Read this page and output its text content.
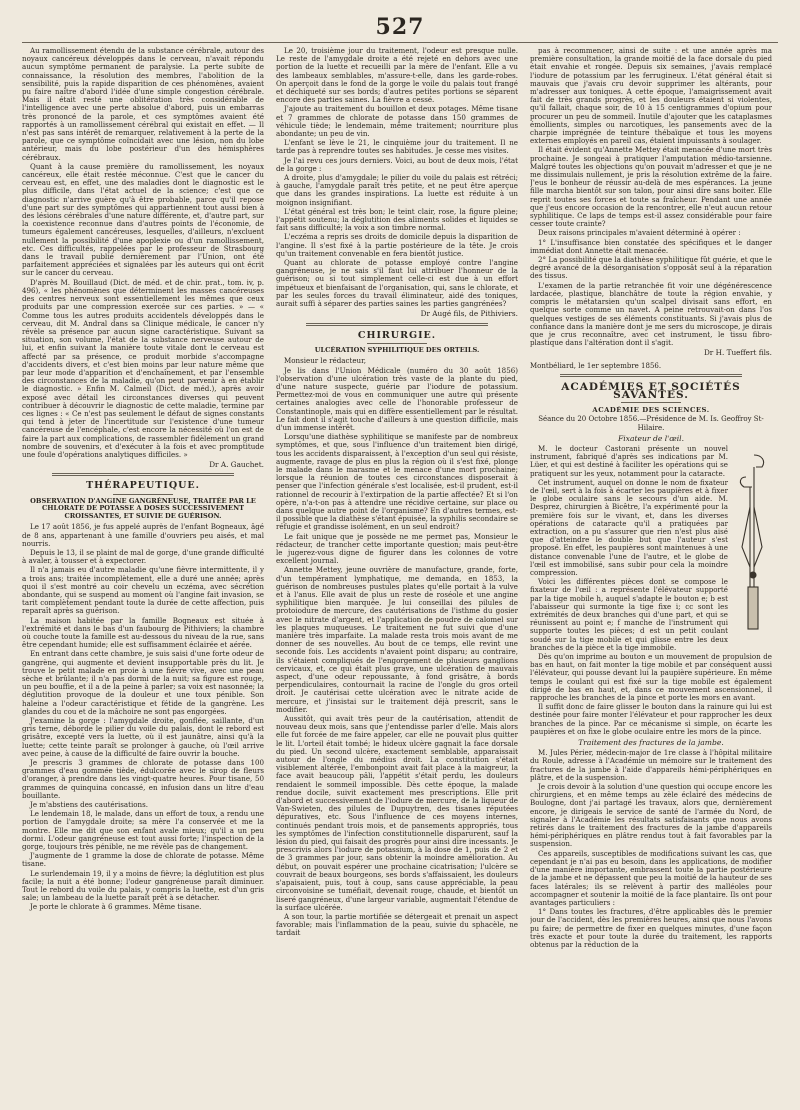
527

Au ramollissement étendu de la substance cérébrale, autour des noyaux cancéreux développés dans le cerveau, n'avait répondu aucun symptôme permanent de paralysie. La perte subite de connaissance, la résolution des membres, l'abolition de la sensibilité, puis la rapide disparition de ces phénomènes, avaient pu faire naître d'abord l'idée d'une simple congestion cérébrale. Mais il était resté une oblitération très considérable de l'intelligence avec une perte absolue d'abord, puis un embarras très prononcé de la parole, et ces symptômes avaient été rapportés à un ramollissement cérébral qui existait en effet. — Il n'est pas sans intérêt de remarquer, relativement à la perte de la parole, que ce symptôme coïncidait avec une lésion, non du lobe antérieur, mais du lobe postérieur d'un des hémisphères cérébraux.

Quant à la cause première du ramollissement, les noyaux cancéreux, elle était restée méconnue. C'est que le cancer du cerveau est, en effet, une des maladies dont le diagnostic est le plus difficile, dans l'état actuel de la science; c'est que ce diagnostic n'arrive guère qu'à être probable, parce qu'il repose d'une part sur des symptômes qui appartiennent tout aussi bien à des lésions cérébrales d'une nature différente, et, d'autre part, sur la coexistence reconnue dans d'autres points de l'économie, de tumeurs également cancéreuses, lesquelles, d'ailleurs, n'excluent nullement la possibilité d'une apoplexie ou d'un ramollissement, etc. Ces difficultés, rappelées par le professeur de Strasbourg dans le travail publié dernièrement par l'Union, ont été parfaitement appréciées et signalées par les auteurs qui ont écrit sur le cancer du cerveau.

D'après M. Bouillaud (Dict. de méd. et de chir. prat., tom. iv, p. 496), « les phénomènes que déterminent les masses cancéreuses des centres nerveux sont essentiellement les mêmes que ceux produits par une compression exercée sur ces parties. » — « Comme tous les autres produits accidentels développés dans le cerveau, dit M. Andral dans sa Clinique médicale, le cancer n'y révèle sa présence par aucun signe caractéristique. Suivant sa situation, son volume, l'état de la substance nerveuse autour de lui, et enfin suivant la manière toute vitale dont le cerveau est affecté par sa présence, ce produit morbide s'accompagne d'accidents divers, et c'est bien moins par leur nature même que par leur mode d'apparition et d'enchaînement, et par l'ensemble des circonstances de la maladie, qu'on peut parvenir à en établir le diagnostic. » Enfin M. Calmeil (Dict. de méd.), après avoir exposé avec détail les circonstances diverses qui peuvent contribuer à découvrir le diagnostic de cette maladie, termine par ces lignes : « Ce n'est pas seulement le défaut de signes constants qui tend à jeter de l'incertitude sur l'existence d'une tumeur cancéreuse de l'encéphale, c'est encore la nécessité où l'on est de faire la part aux complications, de rassembler fidèlement un grand nombre de souvenirs, et d'exécuter à la fois et avec promptitude une foule d'opérations analytiques difficiles. »

Dr A. Gauchet.
THÉRAPEUTIQUE.
OBSERVATION D'ANGINE GANGRÉNEUSE, TRAITÉE PAR LE CHLORATE DE POTASSE A DOSES SUCCESSIVEMENT CROISSANTES, ET SUIVIE DE GUÉRISON.

Le 17 août 1856, je fus appelé auprès de l'enfant Bogneaux, âgé de 8 ans, appartenant à une famille d'ouvriers peu aisés, et mal nourris.

Depuis le 13, il se plaint de mal de gorge, d'une grande difficulté à avaler, à tousser et à expectorer.

Il n'a jamais eu d'autre maladie qu'une fièvre intermittente, il y a trois ans; traitée incomplètement, elle a duré une année; après quoi il s'est montré au coir chevelu un eczéma, avec sécrétion abondante, qui se suspend au moment où l'angine fait invasion, se tarit complètement pendant toute la durée de cette affection, puis reparaît après sa guérison.

La maison habitée par la famille Bogneaux est située à l'extrémité et dans le bas d'un faubourg de Pithiviers; la chambre où couche toute la famille est au-dessous du niveau de la rue, sans être cependant humide; elle est suffisamment éclairée et aérée.

En entrant dans cette chambre, je suis saisi d'une forte odeur de gangrène, qui augmente et devient insupportable près du lit. Je trouve le petit malade en proie à une fièvre vive, avec une peau sèche et brûlante; il n'a pas dormi de la nuit; sa figure est rouge, un peu bouffie, et il a de la peine à parler; sa voix est nasonnée; la déglutition provoque de la douleur et une toux pénible. Son haleine a l'odeur caractéristique et fétide de la gangrène. Les glandes du cou et de la mâchoire ne sont pas engorgées.

J'examine la gorge : l'amygdale droite, gonflée, saillante, d'un gris terne, déborde le pilier du voile du palais, dont le rebord est grisâtre, excepté vers la luette, où il est jaunâtre, ainsi qu'à la luette; cette teinte paraît se prolonger à gauche, où l'œil arrive avec peine, à cause de la difficulté de faire ouvrir la bouche.

Je prescris 3 grammes de chlorate de potasse dans 100 grammes d'eau gommée tiède, édulcorée avec le sirop de fleurs d'oranger, à prendre dans les vingt-quatre heures. Pour tisane, 50 grammes de quinquina concassé, en infusion dans un litre d'eau bouillante.

Je m'abstiens des cautérisations.

Le lendemain 18, le malade, dans un effort de toux, a rendu une portion de l'amygdale droite; sa mère l'a conservée et me la montre. Elle me dit que son enfant avale mieux; qu'il a un peu dormi. L'odeur gangréneuse est tout aussi forte; l'inspection de la gorge, toujours très pénible, ne me révèle pas de changement.

J'augmente de 1 gramme la dose de chlorate de potasse. Même tisane.

Le surlendemain 19, il y a moins de fièvre; la déglutition est plus facile; la nuit a été bonne; l'odeur gangréneuse paraît diminuer. Tout le rebord du voile du palais, y compris la luette, est d'un gris sale; un lambeau de la luette paraît prêt à se détacher.

Je porte le chlorate à 6 grammes. Même tisane.

Le 20, troisième jour du traitement, l'odeur est presque nulle. Le reste de l'amygdale droite a été rejeté en dehors avec une portion de la luette et recueilli par la mère de l'enfant. Elle a vu des lambeaux semblables, m'assure-t-elle, dans les garde-robes. On aperçoit dans le fond de la gorge le voile du palais tout frangé et déchiqueté sur ses bords; d'autres petites portions se séparent encore des parties saines. La fièvre a cessé.

J'ajoute au traitement du bouillon et deux potages. Même tisane et 7 grammes de chlorate de potasse dans 150 grammes de véhicule tiède; le lendemain, même traitement; nourriture plus abondante; un peu de vin.

L'enfant se lève le 21, le cinquième jour du traitement. Il ne tarde pas à reprendre toutes ses habitudes. Je cesse mes visites.

Je l'ai revu ces jours derniers. Voici, au bout de deux mois, l'état de la gorge :

A droite, plus d'amygdale; le pilier du voile du palais est rétréci; à gauche, l'amygdale paraît très petite, et ne peut être aperçue que dans les grandes inspirations. La luette est réduite à un moignon insignifiant.

L'état général est très bon; le teint clair, rose, la figure pleine; l'appétit soutenu; la déglutition des aliments solides et liquides se fait sans difficulté; la voix a son timbre normal.

L'eczéma a repris ses droits de domicile depuis la disparition de l'angine. Il s'est fixé à la partie postérieure de la tête. Je crois qu'un traitement convenable en fera bientôt justice.

Quant au chlorate de potasse employé contre l'angine gangréneuse, je ne sais s'il faut lui attribuer l'honneur de la guérison; ou si tout simplement celle-ci est due à un effort impétueux et bienfaisant de l'organisation, qui, sans le chlorate, et par les seules forces du travail éliminateur, aidé des toniques, aurait suffi à séparer des parties saines les parties gangrénées?

Dr Augé fils, de Pithiviers.
CHIRURGIE.
ULCÉRATION SYPHILITIQUE DES ORTEILS.

Monsieur le rédacteur,

Je lis dans l'Union Médicale (numéro du 30 août 1856) l'observation d'une ulcération très vaste de la plante du pied, d'une nature suspecte, guérie par l'iodure de potassium. Permettez-moi de vous en communiquer une autre qui présente certaines analogies avec celle de l'honorable professeur de Constantinople, mais qui en diffère essentiellement par le résultat. Le fait dont il s'agit touche d'ailleurs à une question difficile, mais d'un immense intérêt.

Lorsqu'une diathèse syphilitique se manifeste par de nombreux symptômes, et que, sous l'influence d'un traitement bien dirigé, tous les accidents disparaissent, à l'exception d'un seul qui résiste, augmente, ravage de plus en plus la région où il s'est fixé, plonge le malade dans le marasme et le menace d'une mort prochaine; lorsque la réunion de toutes ces circonstances disposerait à penser que l'infection générale s'est localisée, est-il prudent, est-il rationnel de recourir à l'extirpation de la partie affectée? Et si l'on opère, n'a-t-on pas à attendre une récidive certaine, sur place ou dans quelque autre point de l'organisme? En d'autres termes, est-il possible que la diathèse s'étant épuisée, la syphilis secondaire se réfugie et grandisse isolément, en un seul endroit?

Le fait unique que je possède ne me permet pas, Monsieur le rédacteur, de trancher cette importante question; mais peut-être le jugerez-vous digne de figurer dans les colonnes de votre excellent journal.

Annette Mettey, jeune ouvrière de manufacture, grande, forte, d'un tempérament lymphatique, me demanda, en 1853, la guérison de nombreuses pustules plates qu'elle portait à la vulve et à l'anus. Elle avait de plus un reste de roséole et une angine syphilitique bien marquée. Je lui conseillai des pilules de protoiodure de mercure, des cautérisations de l'isthme du gosier avec le nitrate d'argent, et l'application de poudre de calomel sur les plaques muqueuses. Le traitement ne fut suivi que d'une manière très imparfaite. La malade resta trois mois avant de me donner de ses nouvelles. Au bout de ce temps, elle revint une seconde fois. Les accidents n'avaient point disparu; au contraire, ils s'étaient compliqués de l'engorgement de plusieurs ganglions cervicaux, et, ce qui était plus grave, une ulcération de mauvais aspect, d'une odeur repoussante, à fond grisâtre, à bords perpendiculaires, contournait la racine de l'ongle du gros orteil droit. Je cautérisai cette ulcération avec le nitrate acide de mercure, et j'insistai sur le traitement déjà prescrit, sans le modifier.

Aussitôt, qui avait très peur de la cautérisation, attendit de nouveau deux mois, sans que j'entendisse parler d'elle. Mais alors elle fut forcée de me faire appeler, car elle ne pouvait plus quitter le lit. L'orteil était tombé; le hideux ulcère gagnait la face dorsale du pied. Un second ulcère, exactement semblable, apparaissait autour de l'ongle du médius droit. La constitution s'était visiblement altérée, l'embonpoint avait fait place à la maigreur, la face avait beaucoup pâli, l'appétit s'était perdu, les douleurs rendaient le sommeil impossible. Dès cette époque, la malade rendue docile, suivit exactement mes prescriptions. Elle prit d'abord et successivement de l'iodure de mercure, de la liqueur de Van-Swieten, des pilules de Dupuytren, des tisanes réputées dépuratives, etc. Sous l'influence de ces moyens internes, continués pendant trois mois, et de pansements appropriés, tous les symptômes de l'infection constitutionnelle disparurent, sauf la lésion du pied, qui faisait des progrès pour ainsi dire incessants. Je prescrivis alors l'iodure de potassium, à la dose de 1, puis de 2 et de 3 grammes par jour, sans obtenir la moindre amélioration. Au début, on pouvait espérer une prochaine cicatrisation; l'ulcère se couvrait de beaux bourgeons, ses bords s'affaissaient, les douleurs s'apaisaient, puis, tout à coup, sans cause appréciable, la peau circonvoisine se tuméfiait, devenait rouge, chaude, et bientôt un liseré gangréneux, d'une largeur variable, augmentait l'étendue de la surface ulcérée.

A son tour, la partie mortifiée se détergeait et prenait un aspect favorable; mais l'inflammation de la peau, suivie du sphacèle, ne tardait

pas à recommencer, ainsi de suite : et une année après ma première consultation, la grande moitié de la face dorsale du pied était envahie et rongée. Depuis six semaines, j'avais remplacé l'iodure de potassium par les ferrugineux. L'état général était si mauvais que j'avais cru devoir supprimer les altérants, pour m'adresser aux toniques. A cette époque, l'amaigrissement avait fait de très grands progrès, et les douleurs étaient si violentes, qu'il fallait, chaque soir, de 10 à 15 centigrammes d'opium pour procurer un peu de sommeil. Inutile d'ajouter que les cataplasmes émollients, simples ou narcotiques, les pansements avec de la charpie imprégnée de teinture thébaïque et tous les moyens externes employés en pareil cas, étaient impuissants à soulager.

Il était évident qu'Annette Mettey était menacée d'une mort très prochaine. Je songeai à pratiquer l'amputation médio-tarsienne. Malgré toutes les objections qu'on pouvait m'adresser et que je ne me dissimulais nullement, je pris la résolution extrême de la faire. J'eus le bonheur de réussir au-delà de mes espérances. La jeune fille marcha bientôt sur son talon, pour ainsi dire sans boiter. Elle reprit toutes ses forces et toute sa fraîcheur. Pendant une année que j'eus encore occasion de la rencontrer, elle n'eut aucun retour syphilitique. Ce laps de temps est-il assez considérable pour faire cesser toute crainte?

Deux raisons principales m'avaient déterminé à opérer :

1° L'insuffisance bien constatée des spécifiques et le danger immédiat dont Annette était menacée.

2° La possibilité que la diathèse syphilitique fût guérie, et que le degré avancé de la désorganisation s'opposât seul à la réparation des tissus.

L'examen de la partie retranchée fit voir une dégénérescence lardacée, plastique, blanchâtre de toute la région envahie, y compris le métatarsien qu'un scalpel divisait sans effort, en quelque sorte comme un navet. A peine retrouvait-on dans l'os quelques vestiges de ses éléments constituants. Si j'avais plus de confiance dans la manière dont je me sers du microscope, je dirais que je crus reconnaître, avec cet instrument, le tissu fibro-plastique dans l'altération dont il s'agit.

Dr H. Tueffert fils.
Montbéliard, le 1er septembre 1856.
ACADÉMIES ET SOCIÉTÉS SAVANTES.
ACADÉMIE DES SCIENCES.
Séance du 20 Octobre 1856.—Présidence de M. Is. Geoffroy St-Hilaire.
Fixateur de l'œil.

M. le docteur Castorani présente un nouvel instrument, fabriqué d'après ses indications par M. Lüer, et qui est destiné à faciliter les opérations qui se pratiquent sur les yeux, notamment pour la cataracte.

Cet instrument, auquel on donne le nom de fixateur de l'œil, sert à la fois à écarter les paupières et à fixer le globe oculaire sans le secours d'un aide. M. Desprez, chirurgien à Bicêtre, l'a expérimenté pour la première fois sur le vivant, et, dans les diverses opérations de cataracte qu'il a pratiquées par extraction, on a pu s'assurer que rien n'est plus aisé que d'atteindre le double but que l'auteur s'est proposé. En effet, les paupières sont maintenues à une distance convenable l'une de l'autre, et le globe de l'œil est immobilisé, sans subir pour cela la moindre compression.

Voici les différentes pièces dont se compose le fixateur de l'œil : a représente l'élévateur supporté par la tige mobile h, auquel s'adapte le bouton e; b est l'abaisseur qui surmonte la tige fixe i; cc sont les extrémités de deux branches qui d'une part, et qui se réunissent au point e; f manche de l'instrument qui supporte toutes les pièces; d est un petit coulant soudé sur la tige mobile et qui glisse entre les deux branches de la pièce et la tige immobile.

Dès qu'on imprime au bouton e un mouvement de propulsion de bas en haut, on fait monter la tige mobile et par conséquent aussi l'élévateur, qui pousse devant lui la paupière supérieure. En même temps le coulant qui est fixé sur la tige mobile est également dirigé de bas en haut, et, dans ce mouvement ascensionnel, il rapproche les branches de la pince et porte les mors en avant.

Il suffit donc de faire glisser le bouton dans la rainure qui lui est destinée pour faire monter l'élévateur et pour rapprocher les deux branches de la pince. Par ce mécanisme si simple, on écarte les paupières et on fixe le globe oculaire entre les mors de la pince.

Traitement des fractures de la jambe.

M. Jules Périer, médecin-major de 1re classe à l'hôpital militaire du Roule, adresse à l'Académie un mémoire sur le traitement des fractures de la jambe à l'aide d'appareils hémi-périphériques en plâtre, et de la suspension.

Je crois devoir à la solution d'une question qui occupe encore les chirurgiens, et en même temps au zèle éclairé des médecins de Boulogne, dont j'ai partagé les travaux, alors que, dernièrement encore, je dirigeais le service de santé de l'armée du Nord, de signaler à l'Académie les résultats satisfaisants que nous avons retirés dans le traitement des fractures de la jambe d'appareils hémi-périphériques en plâtre rendus tout à fait favorables par la suspension.

Ces appareils, susceptibles de modifications suivant les cas, que cependant je n'ai pas eu besoin, dans les applications, de modifier d'une manière importante, embrassent toute la partie postérieure de la jambe et ne dépassent que peu la moitié de la hauteur de ses faces latérales; ils se relèvent à partir des malléoles pour accompagner et soutenir la moitié de la face plantaire. Ils ont pour avantages particuliers :

1° Dans toutes les fractures, d'être applicables dès le premier jour de l'accident, dès les premières heures, ainsi que nous l'avons pu faire; de permettre de fixer en quelques minutes, d'une façon très exacte et pour toute la durée du traitement, les rapports obtenus par la réduction de la
